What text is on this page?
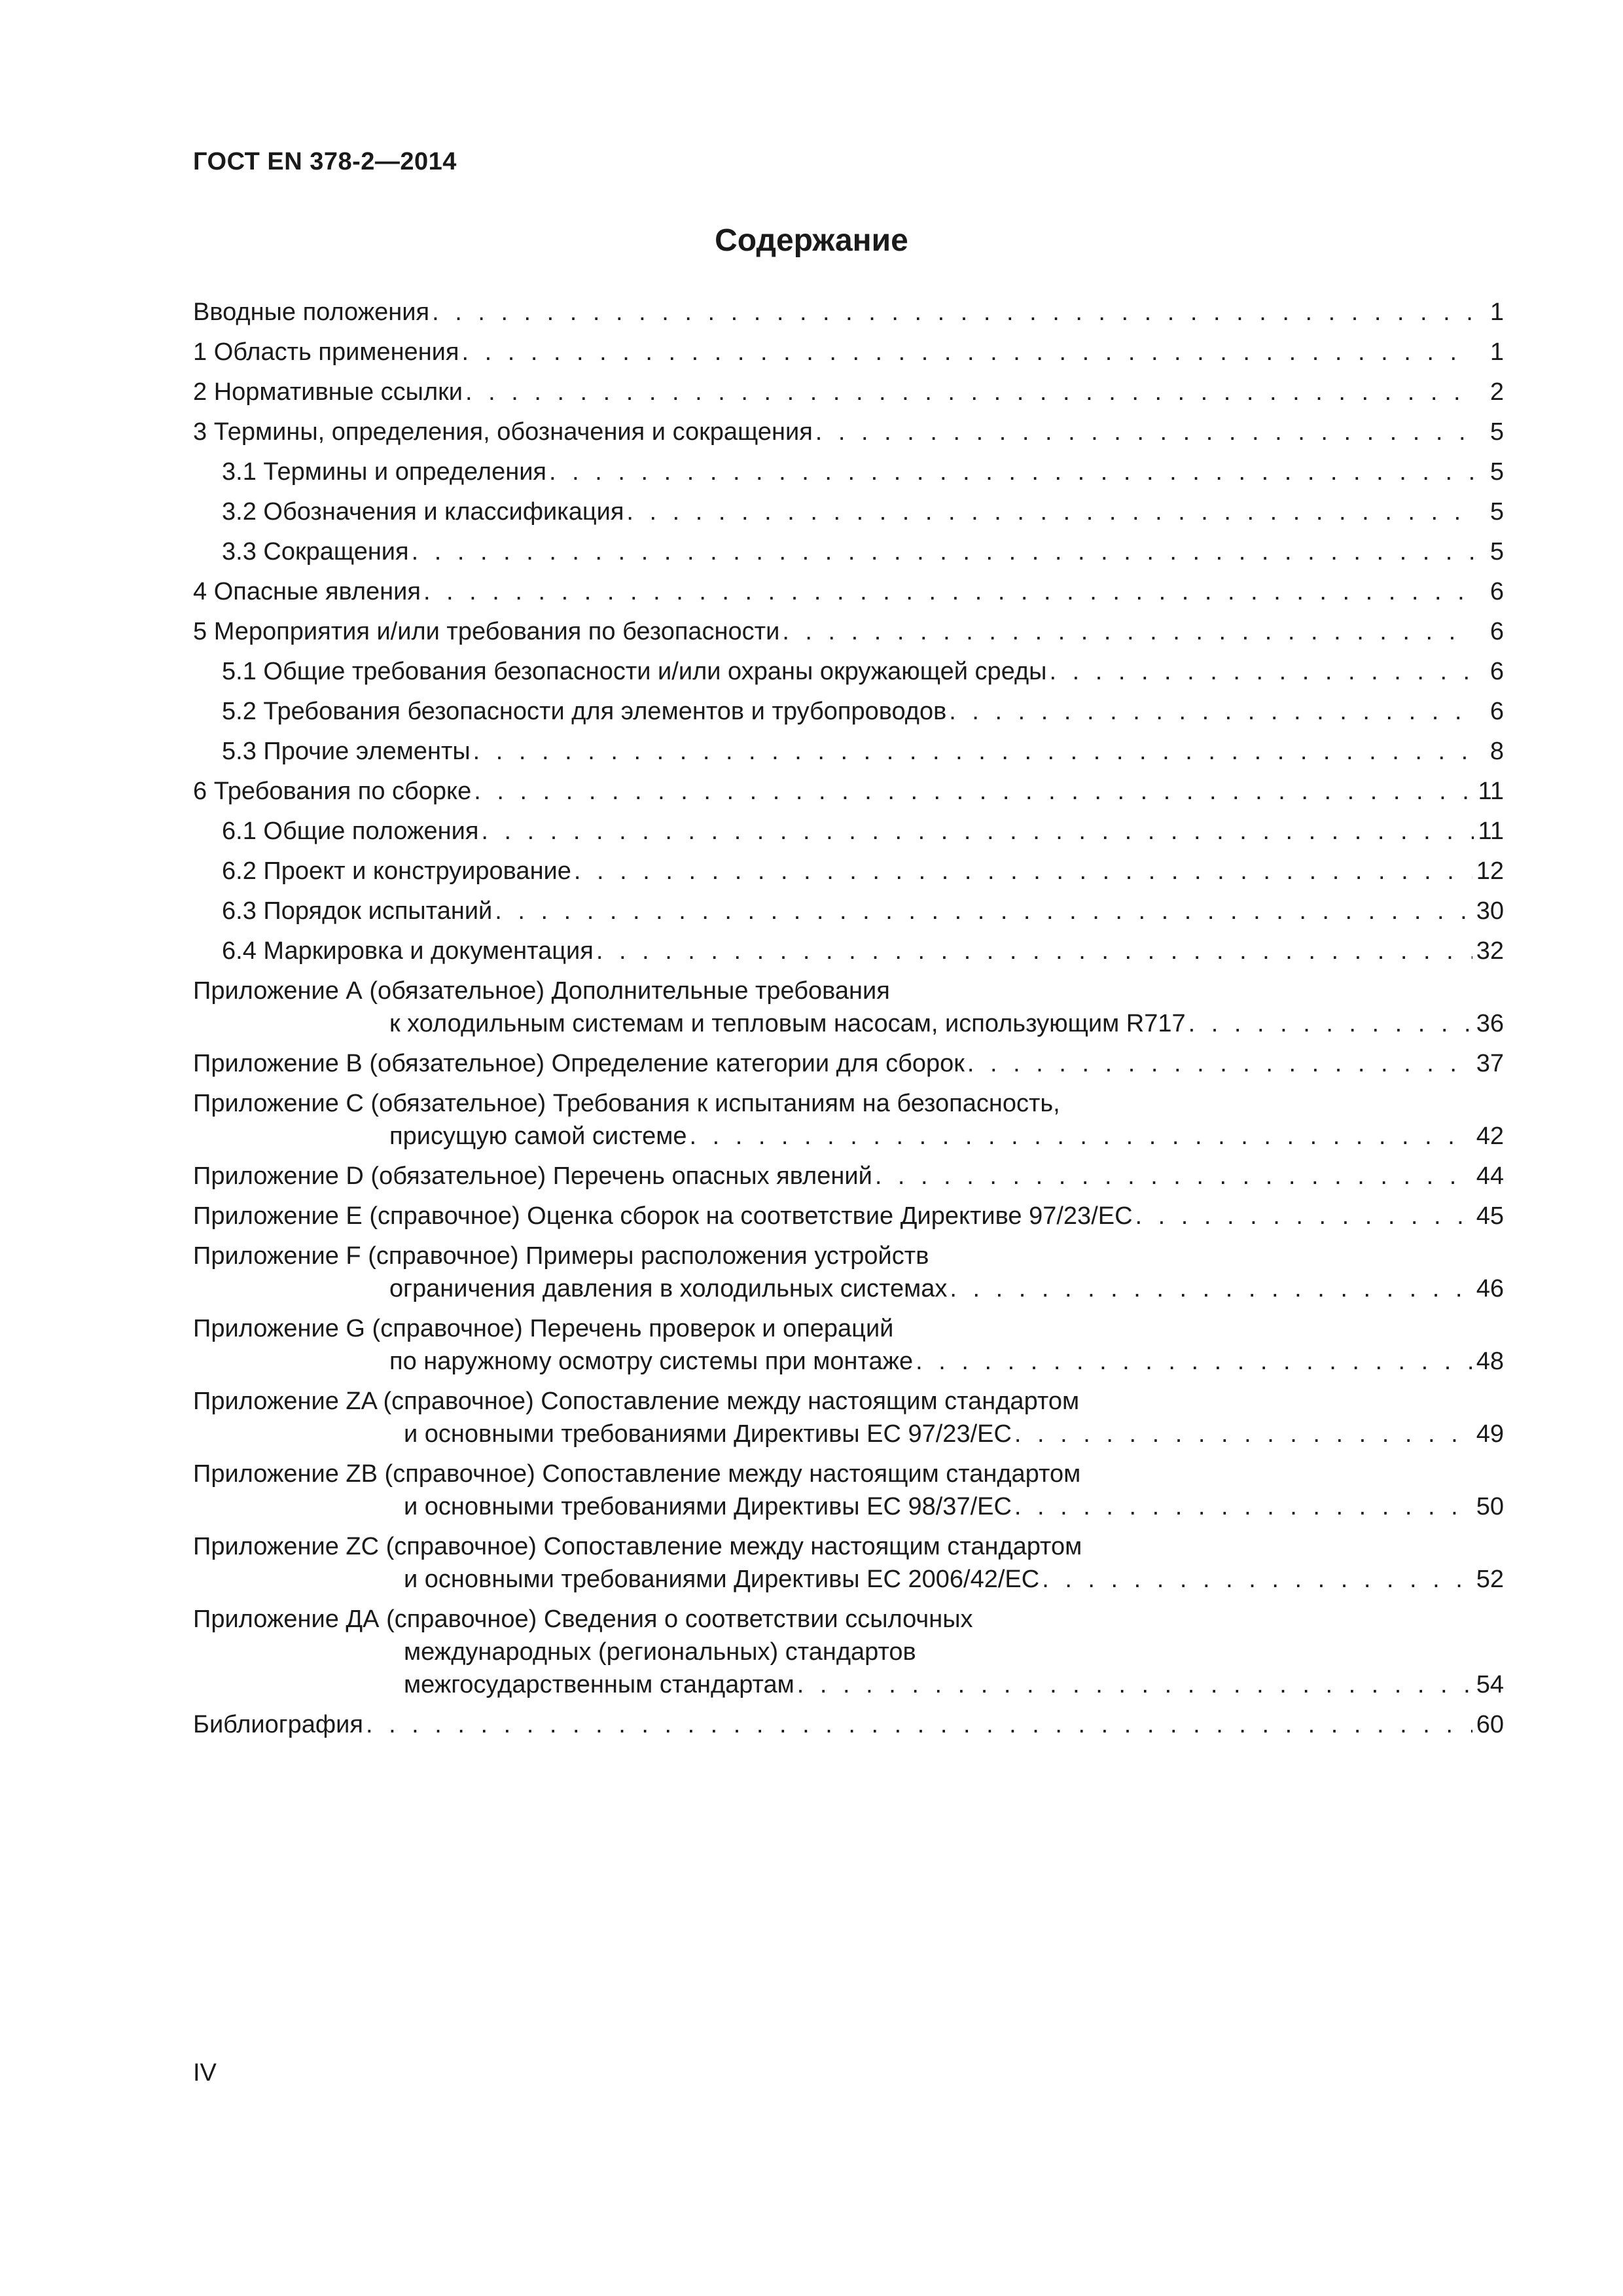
ГОСТ EN 378-2—2014
Содержание
Вводные положения . . .	1
1 Область применения . . .	1
2 Нормативные ссылки . . .	2
3 Термины, определения, обозначения и сокращения . . .	5
3.1 Термины и определения . . .	5
3.2 Обозначения и классификация . . .	5
3.3 Сокращения . . .	5
4 Опасные явления . . .	6
5 Мероприятия и/или требования по безопасности . . .	6
5.1 Общие требования безопасности и/или охраны окружающей среды . . .	6
5.2 Требования безопасности для элементов и трубопроводов . . .	6
5.3 Прочие элементы . . .	8
6 Требования по сборке . . .	11
6.1 Общие положения . . .	11
6.2 Проект и конструирование . . .	12
6.3 Порядок испытаний . . .	30
6.4 Маркировка и документация . . .	32
Приложение А (обязательное) Дополнительные требования
к холодильным системам и тепловым насосам, использующим R717 . . .	36
Приложение В (обязательное) Определение категории для сборок . . .	37
Приложение С (обязательное) Требования к испытаниям на безопасность,
присущую самой системе . . .	42
Приложение D (обязательное) Перечень опасных явлений . . .	44
Приложение Е (справочное) Оценка сборок на соответствие Директиве 97/23/ЕС . . .	45
Приложение F (справочное) Примеры расположения устройств
ограничения давления в холодильных системах . . .	46
Приложение G (справочное) Перечень проверок и операций
по наружному осмотру системы при монтаже . . .	48
Приложение ZA (справочное) Сопоставление между настоящим стандартом
и основными требованиями Директивы ЕС 97/23/ЕС . . .	49
Приложение ZB (справочное) Сопоставление между настоящим стандартом
и основными требованиями Директивы ЕС 98/37/ЕС . . .	50
Приложение ZC (справочное) Сопоставление между настоящим стандартом
и основными требованиями Директивы ЕС 2006/42/ЕС . . .	52
Приложение ДА (справочное) Сведения о соответствии ссылочных
международных (региональных) стандартов
межгосударственным стандартам . . .	54
Библиография . . .	60
IV
